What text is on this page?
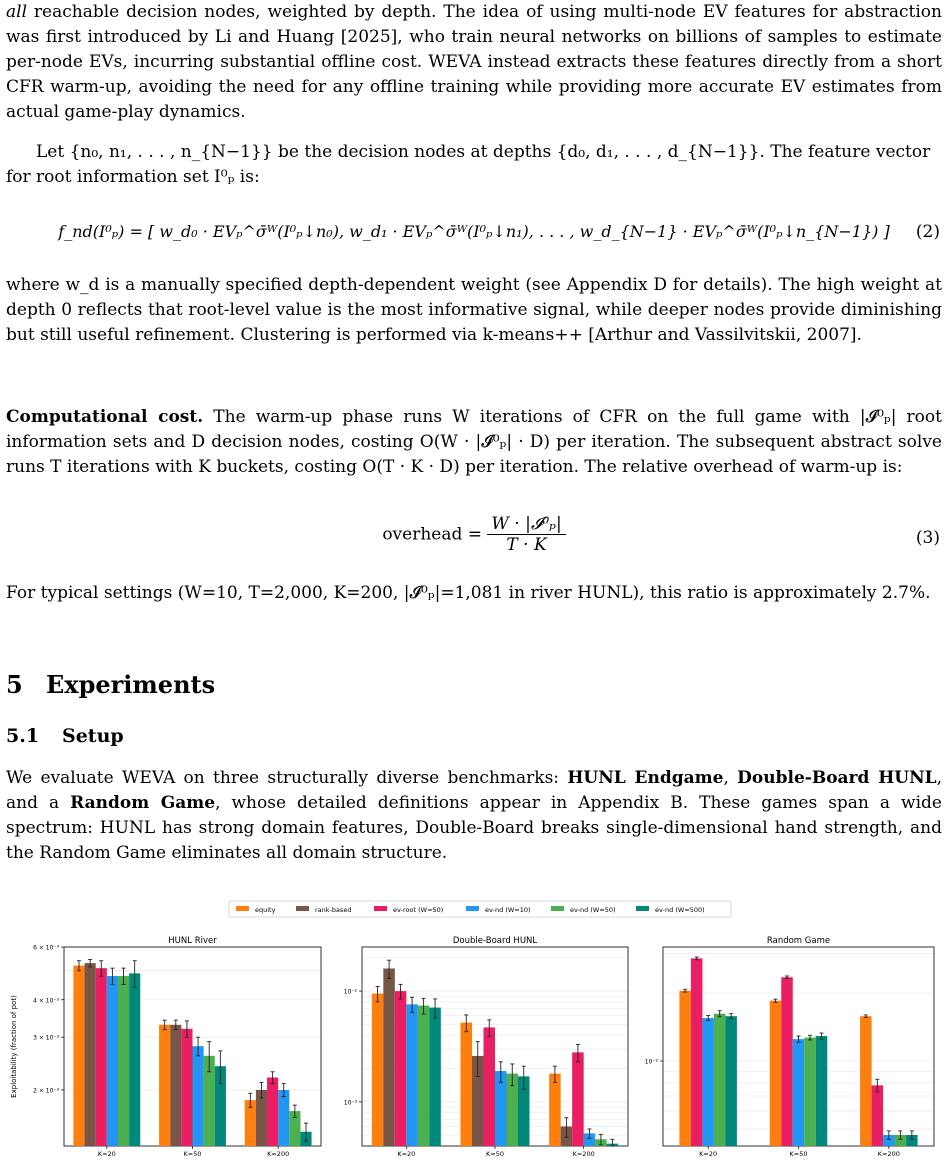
all reachable decision nodes, weighted by depth. The idea of using multi-node EV features for abstraction was first introduced by Li and Huang [2025], who train neural networks on billions of samples to estimate per-node EVs, incurring substantial offline cost. WEVA instead extracts these features directly from a short CFR warm-up, avoiding the need for any offline training while providing more accurate EV estimates from actual game-play dynamics.
Let {n₀, n₁, . . . , n_{N−1}} be the decision nodes at depths {d₀, d₁, . . . , d_{N−1}}. The feature vector
for root information set I⁰ₚ is:
f_nd(I⁰ₚ) = [ w_d₀ · EVₚ^σ̄ᵂ(I⁰ₚ↓n₀), w_d₁ · EVₚ^σ̄ᵂ(I⁰ₚ↓n₁), . . . , w_d_{N−1} · EVₚ^σ̄ᵂ(I⁰ₚ↓n_{N−1}) ]	(2)
where w_d is a manually specified depth-dependent weight (see Appendix D for details). The high weight at depth 0 reflects that root-level value is the most informative signal, while deeper nodes provide diminishing but still useful refinement. Clustering is performed via k-means++ [Arthur and Vassilvitskii, 2007].
Computational cost. The warm-up phase runs W iterations of CFR on the full game with |𝓘⁰ₚ| root information sets and D decision nodes, costing O(W · |𝓘⁰ₚ| · D) per iteration. The subsequent abstract solve runs T iterations with K buckets, costing O(T · K · D) per iteration. The relative overhead of warm-up is:
overhead = $\frac{\text{W · |𝓘⁰ₚ|}}{T \cdot K}$	(3)
For typical settings (W=10, T=2,000, K=200, |𝓘⁰ₚ|=1,081 in river HUNL), this ratio is approximately 2.7%.
5 Experiments
5.1 Setup
We evaluate WEVA on three structurally diverse benchmarks: HUNL Endgame, Double-Board HUNL, and a Random Game, whose detailed definitions appear in Appendix B. These games span a wide spectrum: HUNL has strong domain features, Double-Board breaks single-dimensional hand strength, and the Random Game eliminates all domain structure.
equity	rank-based	ev-root (W=50)	ev-nd (W=10)	ev-nd (W=50)	ev-nd (W=500)
HUNL River
Exploitability (fraction of pot)
6 × 10⁻³
4 × 10⁻³
3 × 10⁻³
2 × 10⁻³
K=20	K=50	K=200
Double-Board HUNL
10⁻²
10⁻³
K=20	K=50	K=200
Random Game
10⁻²
K=20	K=50	K=200
